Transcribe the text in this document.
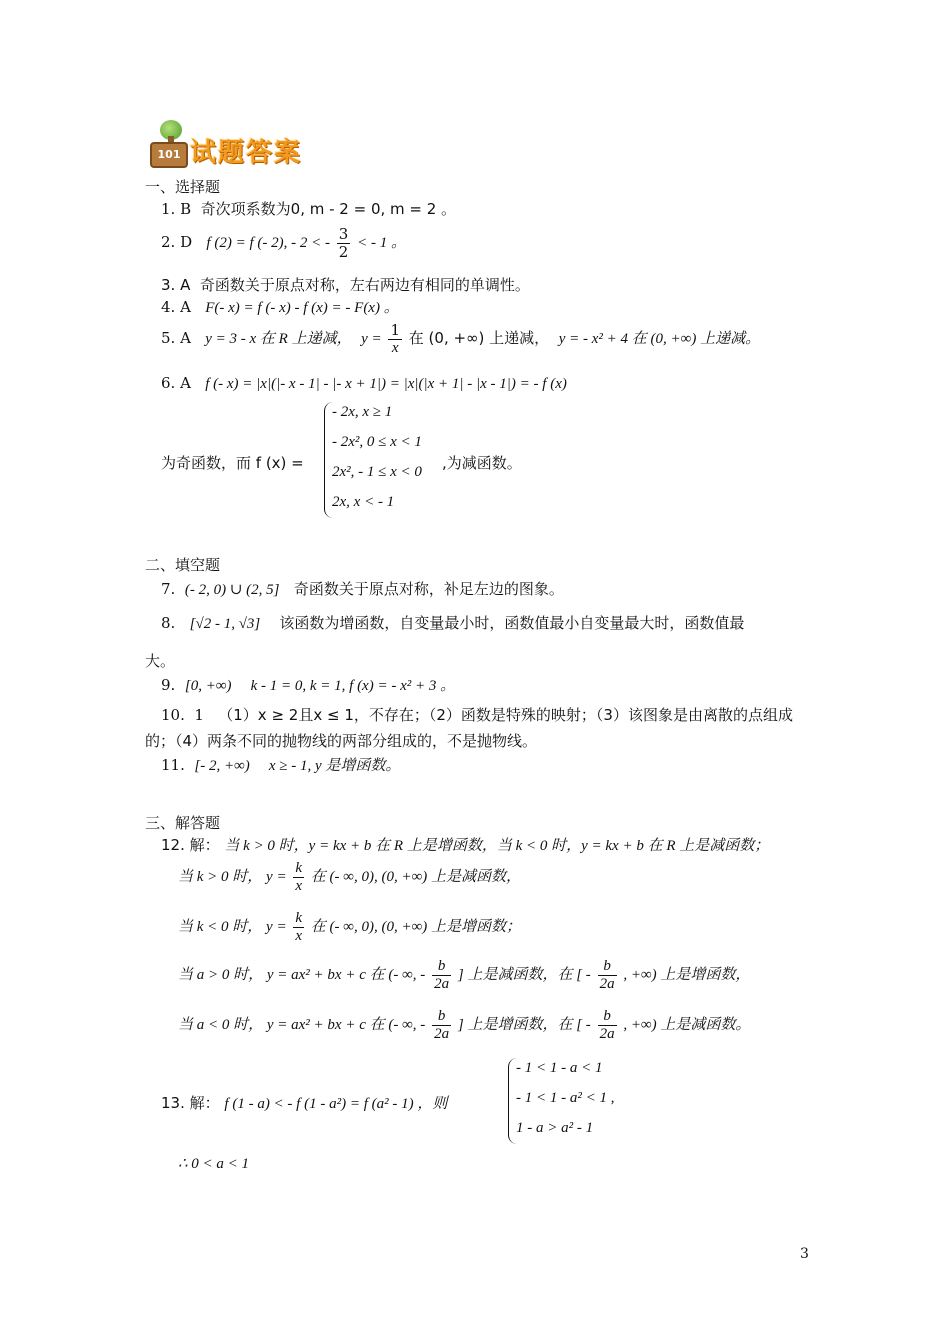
101 试题答案
一、选择题
1. B 奇次项系数为0, m - 2 = 0, m = 2 。
2. D f (2) = f (- 2), - 2 < - $\frac{3}{2}$ < - 1 。
3. A 奇函数关于原点对称，左右两边有相同的单调性。
4. A F(- x) = f (- x) - f (x) = - F(x) 。
5. A y = 3 - x 在 R 上递减， $y = \frac{1}{x}$ 在 (0, +∞) 上递减， y = - x² + 4 在 (0, +∞) 上递减。
6. A f (- x) = |x|(|- x - 1| - |- x + 1|) = |x|(|x + 1| - |x - 1|) = - f (x)
为奇函数，而 f (x) =
- 2x, x ≥ 1
- 2x², 0 ≤ x < 1
2x², - 1 ≤ x < 0
2x, x < - 1
,为减函数。
二、填空题
7. (- 2, 0) ∪ (2, 5] 奇函数关于原点对称，补足左边的图象。
8. [√2 - 1, √3] 该函数为增函数，自变量最小时，函数值最小自变量最大时，函数值最
大。
9. [0, +∞) k - 1 = 0, k = 1, f (x) = - x² + 3 。
10. 1 （1）x ≥ 2且x ≤ 1，不存在；（2）函数是特殊的映射；（3）该图象是由离散的点组成
的；（4）两条不同的抛物线的两部分组成的，不是抛物线。
11. [- 2, +∞) x ≥ - 1, y 是增函数。
三、解答题
12. 解： 当 k > 0 时，y = kx + b 在 R 上是增函数，当 k < 0 时，y = kx + b 在 R 上是减函数；
当 k > 0 时， $y = \frac{k}{x}$ 在 (- ∞, 0), (0, +∞) 上是减函数，
当 k < 0 时， $y = \frac{k}{x}$ 在 (- ∞, 0), (0, +∞) 上是增函数；
当 a > 0 时， y = ax² + bx + c 在 (- ∞, - $\frac{b}{2a}$ ] 上是减函数，在 [ - $\frac{b}{2a}$ , +∞) 上是增函数，
当 a < 0 时， y = ax² + bx + c 在 (- ∞, - $\frac{b}{2a}$ ] 上是增函数，在 [ - $\frac{b}{2a}$ , +∞) 上是减函数。
13. 解： f (1 - a) < - f (1 - a²) = f (a² - 1) ，则
- 1 < 1 - a < 1
- 1 < 1 - a² < 1 ,
1 - a > a² - 1
∴ 0 < a < 1
3
